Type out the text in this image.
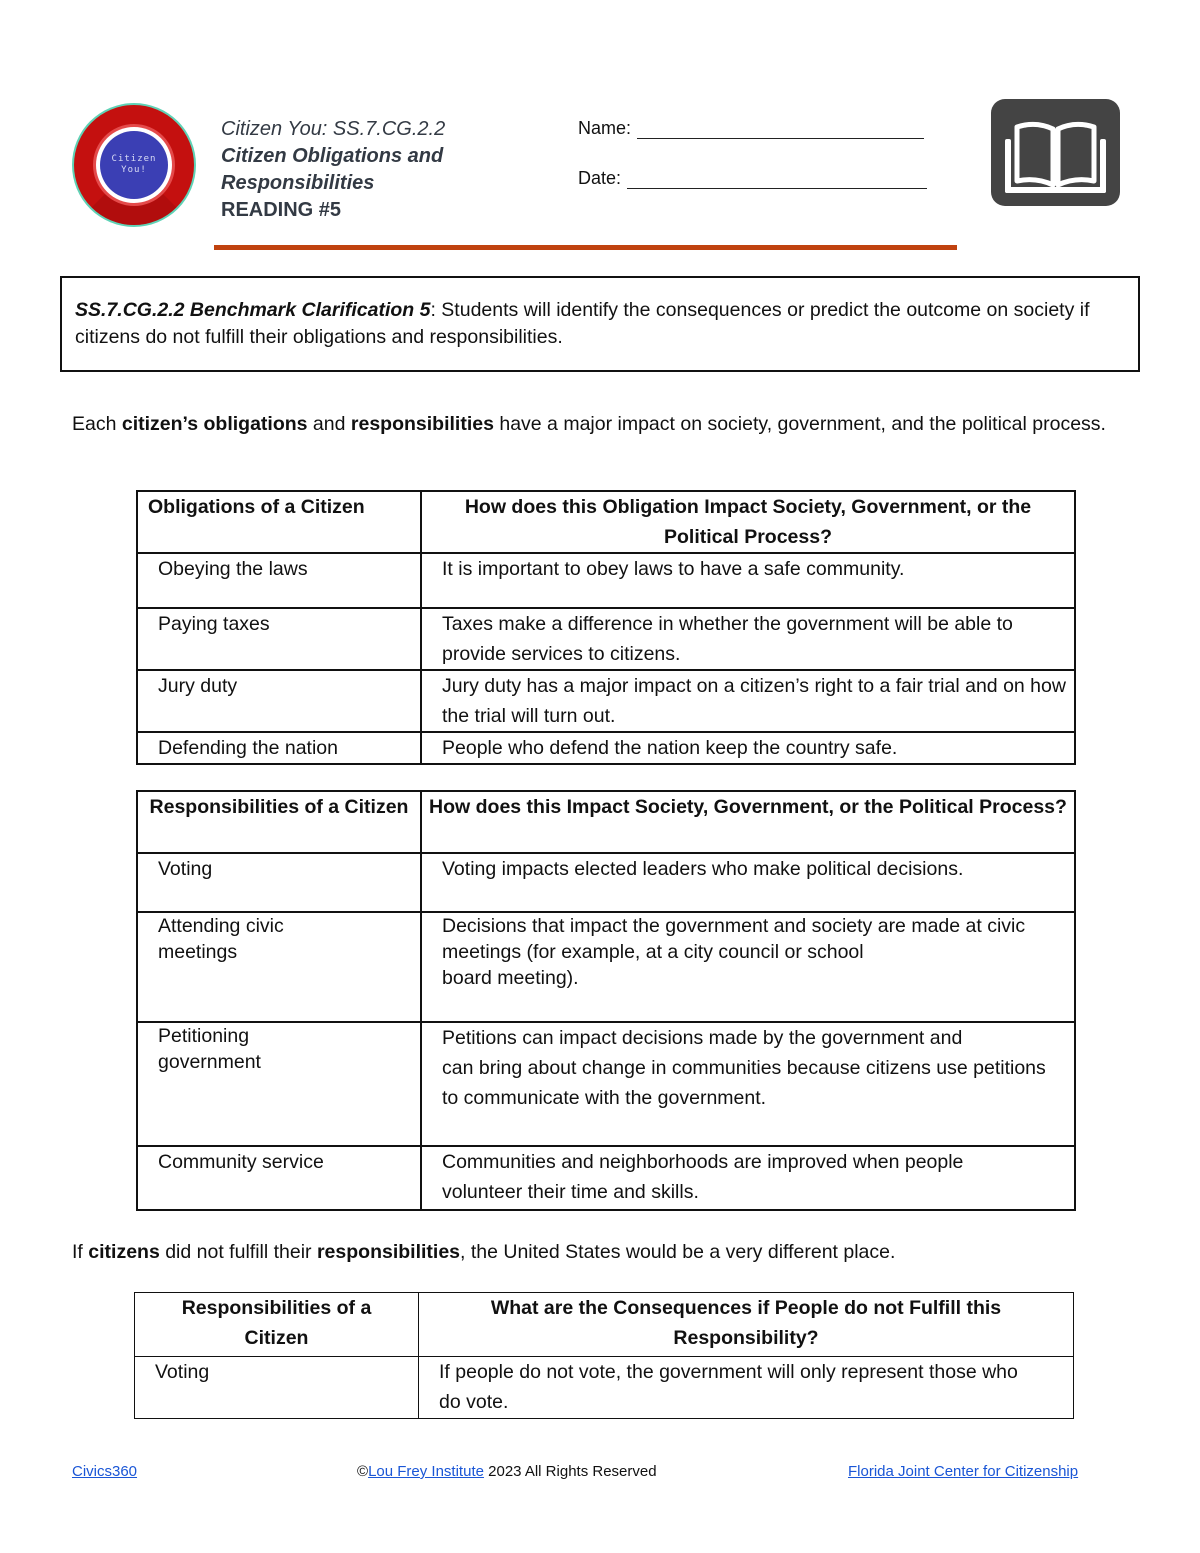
Citizen
You!
Citizen You: SS.7.CG.2.2
Citizen Obligations and
Responsibilities
READING #5
Name:
Date:
SS.7.CG.2.2 Benchmark Clarification 5: Students will identify the consequences or predict the outcome on society if citizens do not fulfill their obligations and responsibilities.

Each citizen’s obligations and responsibilities have a major impact on society, government, and the political process.

Obligations of a Citizen	How does this Obligation Impact Society, Government, or the Political Process?
Obeying the laws	It is important to obey laws to have a safe community.
Paying taxes	Taxes make a difference in whether the government will be able to provide services to citizens.
Jury duty	Jury duty has a major impact on a citizen’s right to a fair trial and on how the trial will turn out.
Defending the nation	People who defend the nation keep the country safe.
Responsibilities of a Citizen	How does this Impact Society, Government, or the Political Process?
Voting	Voting impacts elected leaders who make political decisions.
Attending civic meetings	Decisions that impact the government and society are made at civic meetings (for example, at a city council or school
board meeting).

Petitioning government	Petitions can impact decisions made by the government and
can bring about change in communities because citizens use petitions to communicate with the government.

Community service	Communities and neighborhoods are improved when people volunteer their time and skills.

If citizens did not fulfill their responsibilities, the United States would be a very different place.

Responsibilities of a Citizen	What are the Consequences if People do not Fulfill this Responsibility?
Voting	If people do not vote, the government will only represent those who do vote.
Civics360	©Lou Frey Institute 2023 All Rights Reserved	Florida Joint Center for Citizenship
